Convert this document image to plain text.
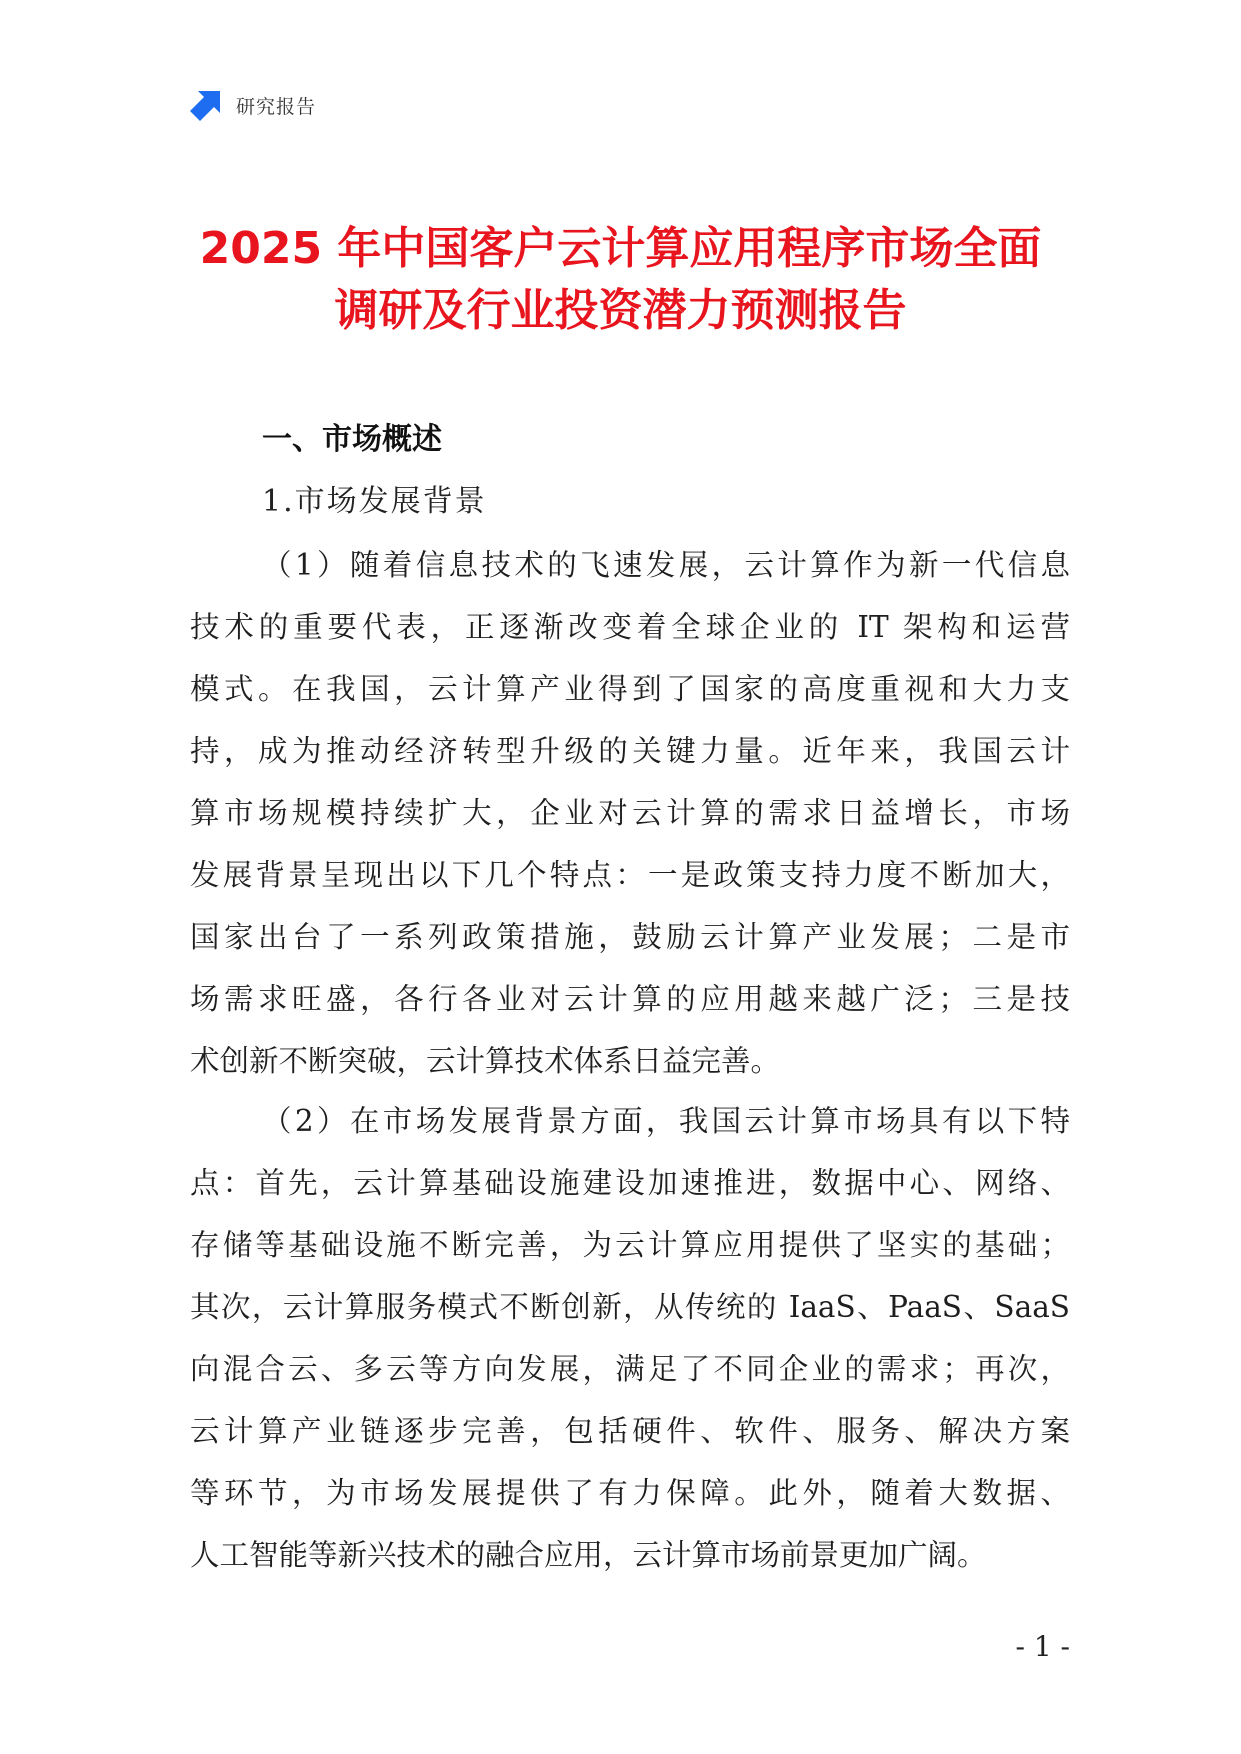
研究报告
2025 年中国客户云计算应用程序市场全面
调研及行业投资潜力预测报告
一、市场概述
1.市场发展背景
（1）随着信息技术的飞速发展，云计算作为新一代信息
技术的重要代表，正逐渐改变着全球企业的 IT 架构和运营
模式。在我国，云计算产业得到了国家的高度重视和大力支
持，成为推动经济转型升级的关键力量。近年来，我国云计
算市场规模持续扩大，企业对云计算的需求日益增长，市场
发展背景呈现出以下几个特点：一是政策支持力度不断加大，
国家出台了一系列政策措施，鼓励云计算产业发展；二是市
场需求旺盛，各行各业对云计算的应用越来越广泛；三是技
术创新不断突破，云计算技术体系日益完善。
（2）在市场发展背景方面，我国云计算市场具有以下特
点：首先，云计算基础设施建设加速推进，数据中心、网络、
存储等基础设施不断完善，为云计算应用提供了坚实的基础；
其次，云计算服务模式不断创新，从传统的 IaaS、PaaS、SaaS
向混合云、多云等方向发展，满足了不同企业的需求；再次，
云计算产业链逐步完善，包括硬件、软件、服务、解决方案
等环节，为市场发展提供了有力保障。此外，随着大数据、
人工智能等新兴技术的融合应用，云计算市场前景更加广阔。
- 1 -
